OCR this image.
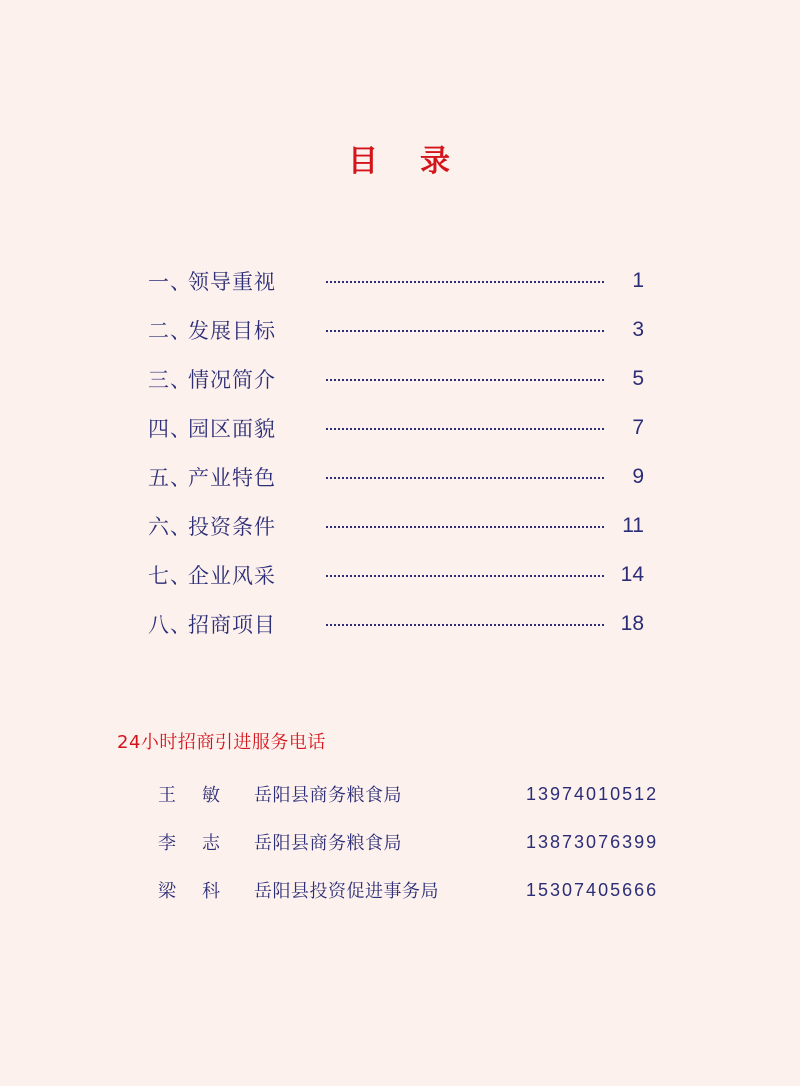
目 录
一、领导重视	1
二、发展目标	3
三、情况简介	5
四、园区面貌	7
五、产业特色	9
六、投资条件	11
七、企业风采	14
八、招商项目	18
24小时招商引进服务电话
王 敏	岳阳县商务粮食局	13974010512
李 志	岳阳县商务粮食局	13873076399
梁 科	岳阳县投资促进事务局	15307405666
